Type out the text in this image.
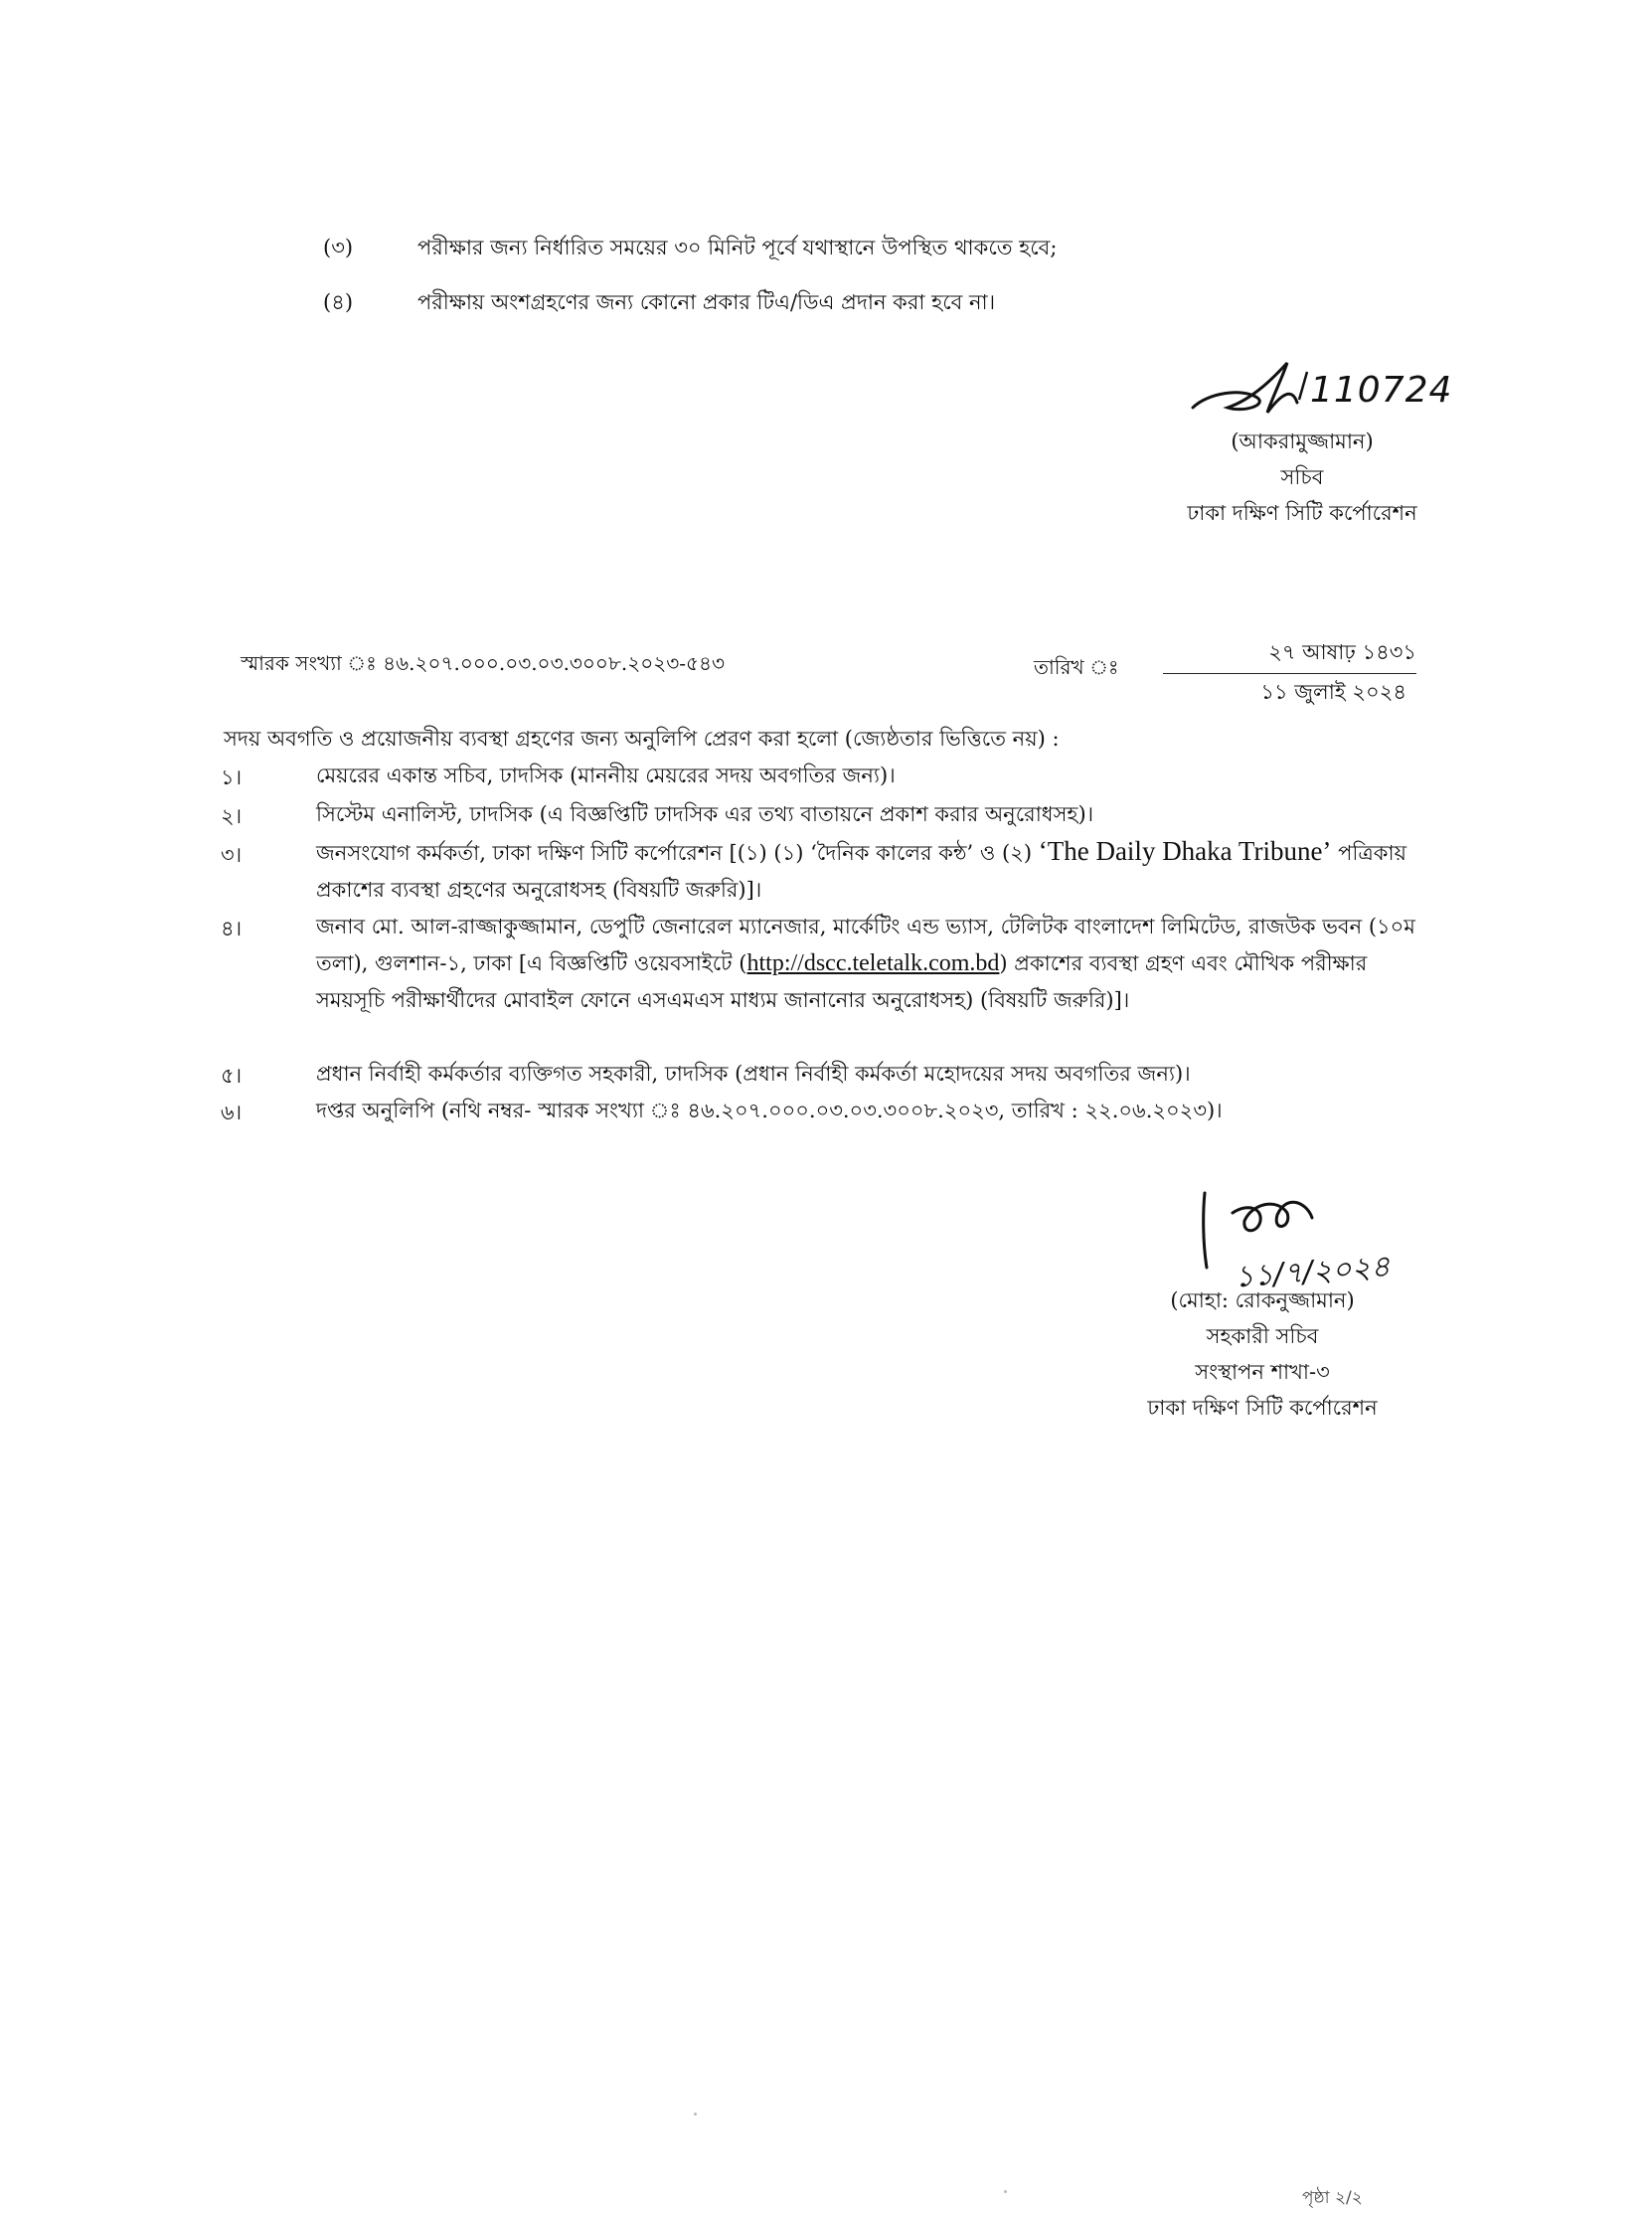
(৩)	পরীক্ষার জন্য নির্ধারিত সময়ের ৩০ মিনিট পূর্বে যথাস্থানে উপস্থিত থাকতে হবে;
(৪)	পরীক্ষায় অংশগ্রহণের জন্য কোনো প্রকার টিএ/ডিএ প্রদান করা হবে না।
110724
(আকরামুজ্জামান)
সচিব
ঢাকা দক্ষিণ সিটি কর্পোরেশন
স্মারক সংখ্যা ঃ ৪৬.২০৭.০০০.০৩.০৩.৩০০৮.২০২৩-৫৪৩	তারিখ ঃ
২৭ আষাঢ় ১৪৩১
১১ জুলাই ২০২৪
সদয় অবগতি ও প্রয়োজনীয় ব্যবস্থা গ্রহণের জন্য অনুলিপি প্রেরণ করা হলো (জ্যেষ্ঠতার ভিত্তিতে নয়) :
১।	মেয়রের একান্ত সচিব, ঢাদসিক (মাননীয় মেয়রের সদয় অবগতির জন্য)।
২।	সিস্টেম এনালিস্ট, ঢাদসিক (এ বিজ্ঞপ্তিটি ঢাদসিক এর তথ্য বাতায়নে প্রকাশ করার অনুরোধসহ)।
৩।	জনসংযোগ কর্মকর্তা, ঢাকা দক্ষিণ সিটি কর্পোরেশন [(১) (১) ‘দৈনিক কালের কন্ঠ’ ও (২) ‘The Daily Dhaka Tribune’ পত্রিকায় প্রকাশের ব্যবস্থা গ্রহণের অনুরোধসহ (বিষয়টি জরুরি)]।
৪।	জনাব মো. আল-রাজ্জাকুজ্জামান, ডেপুটি জেনারেল ম্যানেজার, মার্কেটিং এন্ড ভ্যাস, টেলিটক বাংলাদেশ লিমিটেড, রাজউক ভবন (১০ম তলা), গুলশান-১, ঢাকা [এ বিজ্ঞপ্তিটি ওয়েবসাইটে (http://dscc.teletalk.com.bd) প্রকাশের ব্যবস্থা গ্রহণ এবং মৌখিক পরীক্ষার সময়সূচি পরীক্ষার্থীদের মোবাইল ফোনে এসএমএস মাধ্যম জানানোর অনুরোধসহ) (বিষয়টি জরুরি)]।
৫।	প্রধান নির্বাহী কর্মকর্তার ব্যক্তিগত সহকারী, ঢাদসিক (প্রধান নির্বাহী কর্মকর্তা মহোদয়ের সদয় অবগতির জন্য)।
৬।	দপ্তর অনুলিপি (নথি নম্বর- স্মারক সংখ্যা ঃ ৪৬.২০৭.০০০.০৩.০৩.৩০০৮.২০২৩, তারিখ : ২২.০৬.২০২৩)।
১১/৭/২০২৪
(মোহা: রোকনুজ্জামান)
সহকারী সচিব
সংস্থাপন শাখা-৩
ঢাকা দক্ষিণ সিটি কর্পোরেশন
পৃষ্ঠা ২/২
